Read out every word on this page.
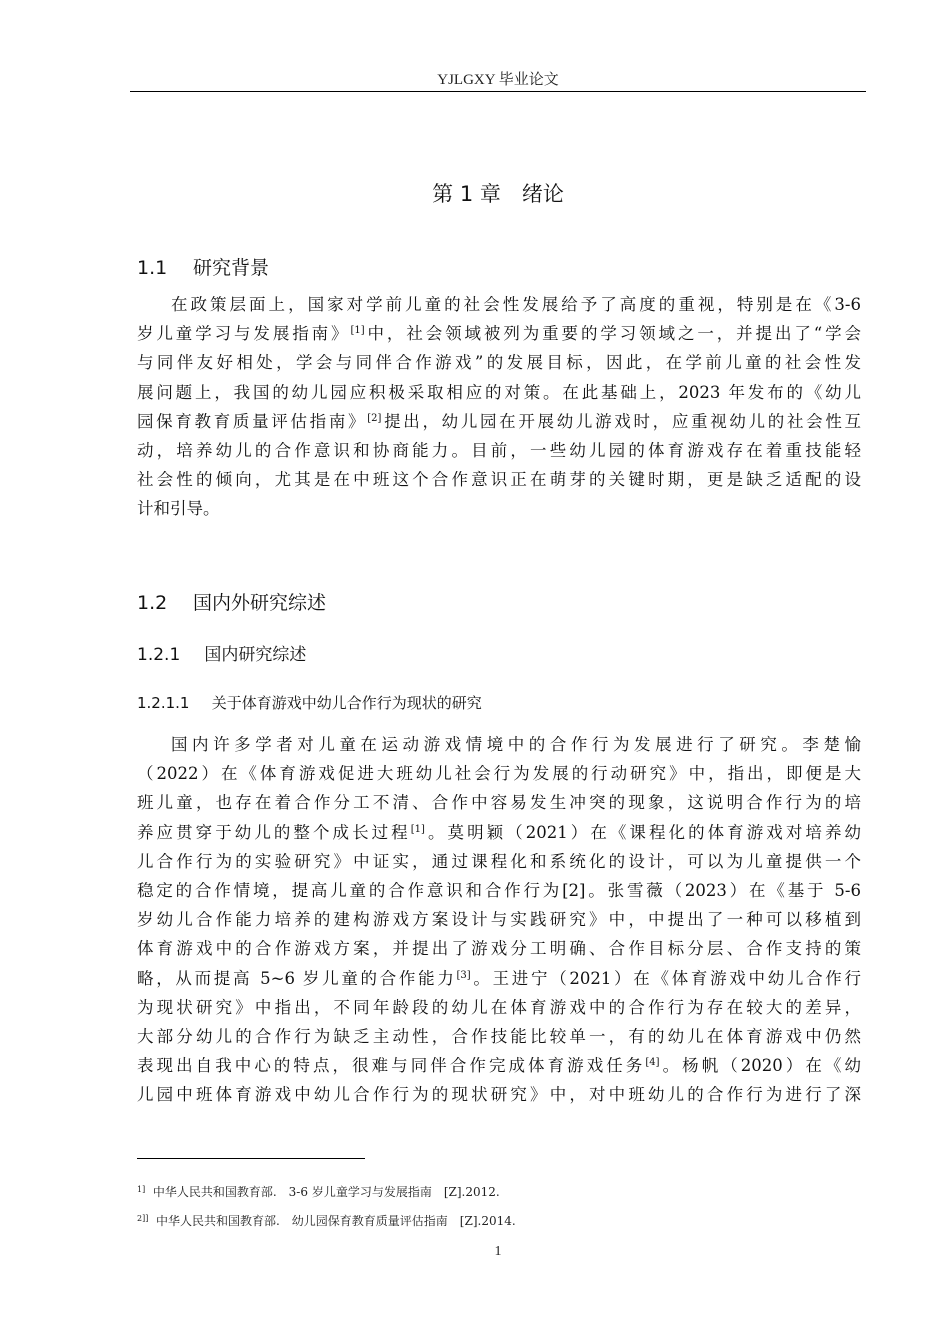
YJLGXY 毕业论文
第 1 章　绪论
1.1 研究背景
在政策层面上，国家对学前儿童的社会性发展给予了高度的重视，特别是在《3-6
岁儿童学习与发展指南》[1]中，社会领域被列为重要的学习领域之一，并提出了“学会
与同伴友好相处，学会与同伴合作游戏”的发展目标，因此，在学前儿童的社会性发
展问题上，我国的幼儿园应积极采取相应的对策。在此基础上，2023 年发布的《幼儿
园保育教育质量评估指南》[2]提出，幼儿园在开展幼儿游戏时，应重视幼儿的社会性互
动，培养幼儿的合作意识和协商能力。目前，一些幼儿园的体育游戏存在着重技能轻
社会性的倾向，尤其是在中班这个合作意识正在萌芽的关键时期，更是缺乏适配的设
计和引导。
1.2 国内外研究综述
1.2.1 国内研究综述
1.2.1.1 关于体育游戏中幼儿合作行为现状的研究
国内许多学者对儿童在运动游戏情境中的合作行为发展进行了研究。李楚愉
（2022）在《体育游戏促进大班幼儿社会行为发展的行动研究》中，指出，即便是大
班儿童，也存在着合作分工不清、合作中容易发生冲突的现象，这说明合作行为的培
养应贯穿于幼儿的整个成长过程[1]。莫明颖（2021）在《课程化的体育游戏对培养幼
儿合作行为的实验研究》中证实，通过课程化和系统化的设计，可以为儿童提供一个
稳定的合作情境，提高儿童的合作意识和合作行为[2]。张雪薇（2023）在《基于 5-6
岁幼儿合作能力培养的建构游戏方案设计与实践研究》中，中提出了一种可以移植到
体育游戏中的合作游戏方案，并提出了游戏分工明确、合作目标分层、合作支持的策
略，从而提高 5~6 岁儿童的合作能力[3]。王进宁（2021）在《体育游戏中幼儿合作行
为现状研究》中指出，不同年龄段的幼儿在体育游戏中的合作行为存在较大的差异，
大部分幼儿的合作行为缺乏主动性，合作技能比较单一，有的幼儿在体育游戏中仍然
表现出自我中心的特点，很难与同伴合作完成体育游戏任务[4]。杨帆（2020）在《幼
儿园中班体育游戏中幼儿合作行为的现状研究》中，对中班幼儿的合作行为进行了深
$^{1]}$ 中华人民共和国教育部.　3-6 岁儿童学习与发展指南　[Z].2012.
$^{2]]}$ 中华人民共和国教育部.　幼儿园保育教育质量评估指南　[Z].2014.
1
